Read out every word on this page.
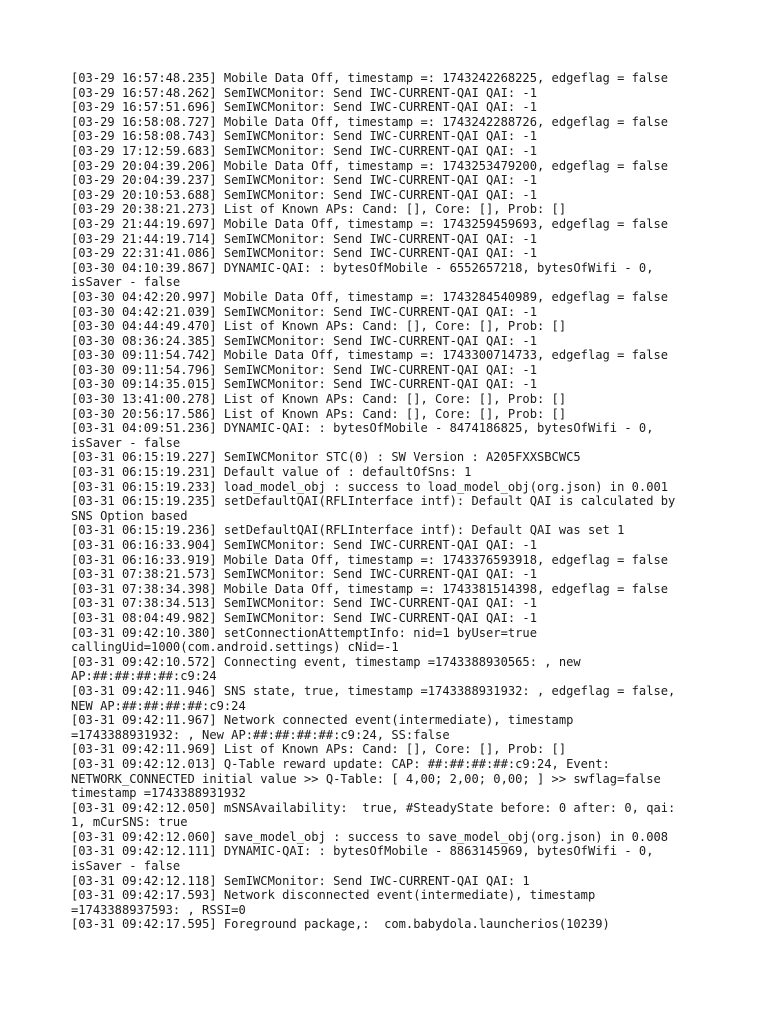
[03-29 16:57:48.235] Mobile Data Off, timestamp =: 1743242268225, edgeflag = false
[03-29 16:57:48.262] SemIWCMonitor: Send IWC-CURRENT-QAI QAI: -1
[03-29 16:57:51.696] SemIWCMonitor: Send IWC-CURRENT-QAI QAI: -1
[03-29 16:58:08.727] Mobile Data Off, timestamp =: 1743242288726, edgeflag = false
[03-29 16:58:08.743] SemIWCMonitor: Send IWC-CURRENT-QAI QAI: -1
[03-29 17:12:59.683] SemIWCMonitor: Send IWC-CURRENT-QAI QAI: -1
[03-29 20:04:39.206] Mobile Data Off, timestamp =: 1743253479200, edgeflag = false
[03-29 20:04:39.237] SemIWCMonitor: Send IWC-CURRENT-QAI QAI: -1
[03-29 20:10:53.688] SemIWCMonitor: Send IWC-CURRENT-QAI QAI: -1
[03-29 20:38:21.273] List of Known APs: Cand: [], Core: [], Prob: []
[03-29 21:44:19.697] Mobile Data Off, timestamp =: 1743259459693, edgeflag = false
[03-29 21:44:19.714] SemIWCMonitor: Send IWC-CURRENT-QAI QAI: -1
[03-29 22:31:41.086] SemIWCMonitor: Send IWC-CURRENT-QAI QAI: -1
[03-30 04:10:39.867] DYNAMIC-QAI: : bytesOfMobile - 6552657218, bytesOfWifi - 0,
isSaver - false
[03-30 04:42:20.997] Mobile Data Off, timestamp =: 1743284540989, edgeflag = false
[03-30 04:42:21.039] SemIWCMonitor: Send IWC-CURRENT-QAI QAI: -1
[03-30 04:44:49.470] List of Known APs: Cand: [], Core: [], Prob: []
[03-30 08:36:24.385] SemIWCMonitor: Send IWC-CURRENT-QAI QAI: -1
[03-30 09:11:54.742] Mobile Data Off, timestamp =: 1743300714733, edgeflag = false
[03-30 09:11:54.796] SemIWCMonitor: Send IWC-CURRENT-QAI QAI: -1
[03-30 09:14:35.015] SemIWCMonitor: Send IWC-CURRENT-QAI QAI: -1
[03-30 13:41:00.278] List of Known APs: Cand: [], Core: [], Prob: []
[03-30 20:56:17.586] List of Known APs: Cand: [], Core: [], Prob: []
[03-31 04:09:51.236] DYNAMIC-QAI: : bytesOfMobile - 8474186825, bytesOfWifi - 0,
isSaver - false
[03-31 06:15:19.227] SemIWCMonitor STC(0) : SW Version : A205FXXSBCWC5
[03-31 06:15:19.231] Default value of : defaultOfSns: 1
[03-31 06:15:19.233] load_model_obj : success to load_model_obj(org.json) in 0.001
[03-31 06:15:19.235] setDefaultQAI(RFLInterface intf): Default QAI is calculated by
SNS Option based
[03-31 06:15:19.236] setDefaultQAI(RFLInterface intf): Default QAI was set 1
[03-31 06:16:33.904] SemIWCMonitor: Send IWC-CURRENT-QAI QAI: -1
[03-31 06:16:33.919] Mobile Data Off, timestamp =: 1743376593918, edgeflag = false
[03-31 07:38:21.573] SemIWCMonitor: Send IWC-CURRENT-QAI QAI: -1
[03-31 07:38:34.398] Mobile Data Off, timestamp =: 1743381514398, edgeflag = false
[03-31 07:38:34.513] SemIWCMonitor: Send IWC-CURRENT-QAI QAI: -1
[03-31 08:04:49.982] SemIWCMonitor: Send IWC-CURRENT-QAI QAI: -1
[03-31 09:42:10.380] setConnectionAttemptInfo: nid=1 byUser=true
callingUid=1000(com.android.settings) cNid=-1
[03-31 09:42:10.572] Connecting event, timestamp =1743388930565: , new
AP:##:##:##:##:c9:24
[03-31 09:42:11.946] SNS state, true, timestamp =1743388931932: , edgeflag = false,
NEW AP:##:##:##:##:c9:24
[03-31 09:42:11.967] Network connected event(intermediate), timestamp
=1743388931932: , New AP:##:##:##:##:c9:24, SS:false
[03-31 09:42:11.969] List of Known APs: Cand: [], Core: [], Prob: []
[03-31 09:42:12.013] Q-Table reward update: CAP: ##:##:##:##:c9:24, Event:
NETWORK_CONNECTED initial value >> Q-Table: [ 4,00; 2,00; 0,00; ] >> swflag=false
timestamp =1743388931932
[03-31 09:42:12.050] mSNSAvailability:  true, #SteadyState before: 0 after: 0, qai:
1, mCurSNS: true
[03-31 09:42:12.060] save_model_obj : success to save_model_obj(org.json) in 0.008
[03-31 09:42:12.111] DYNAMIC-QAI: : bytesOfMobile - 8863145969, bytesOfWifi - 0,
isSaver - false
[03-31 09:42:12.118] SemIWCMonitor: Send IWC-CURRENT-QAI QAI: 1
[03-31 09:42:17.593] Network disconnected event(intermediate), timestamp
=1743388937593: , RSSI=0
[03-31 09:42:17.595] Foreground package,:  com.babydola.launcherios(10239)
